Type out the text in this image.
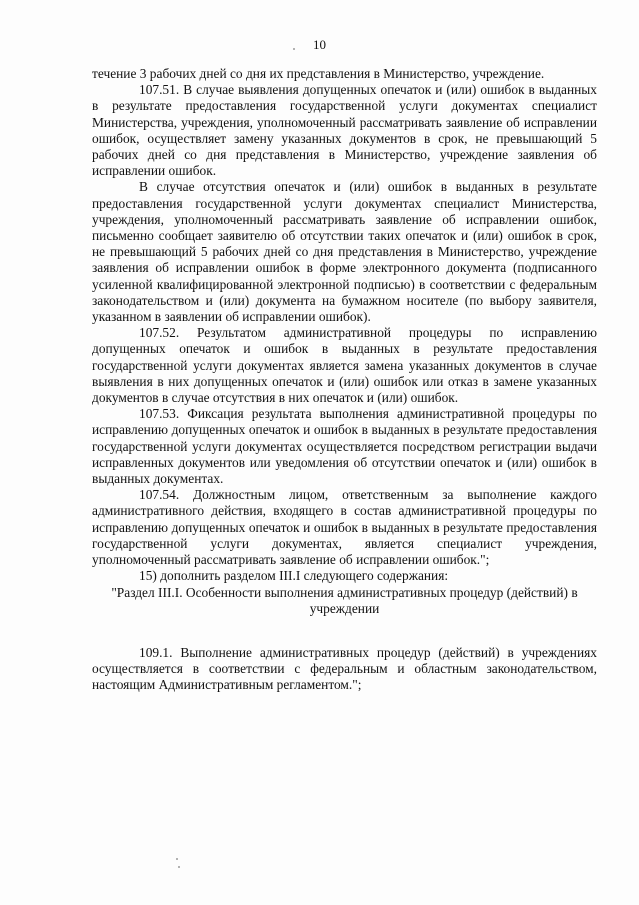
10

течение 3 рабочих дней со дня их представления в Министерство, учреждение.

107.51. В случае выявления допущенных опечаток и (или) ошибок в выданных в результате предоставления государственной услуги документах специалист Министерства, учреждения, уполномоченный рассматривать заявление об исправлении ошибок, осуществляет замену указанных документов в срок, не превышающий 5 рабочих дней со дня представления в Министерство, учреждение заявления об исправлении ошибок.

В случае отсутствия опечаток и (или) ошибок в выданных в результате предоставления государственной услуги документах специалист Министерства, учреждения, уполномоченный рассматривать заявление об исправлении ошибок, письменно сообщает заявителю об отсутствии таких опечаток и (или) ошибок в срок, не превышающий 5 рабочих дней со дня представления в Министерство, учреждение заявления об исправлении ошибок в форме электронного документа (подписанного усиленной квалифицированной электронной подписью) в соответствии с федеральным законодательством и (или) документа на бумажном носителе (по выбору заявителя, указанном в заявлении об исправлении ошибок).

107.52. Результатом административной процедуры по исправлению допущенных опечаток и ошибок в выданных в результате предоставления государственной услуги документах является замена указанных документов в случае выявления в них допущенных опечаток и (или) ошибок или отказ в замене указанных документов в случае отсутствия в них опечаток и (или) ошибок.

107.53. Фиксация результата выполнения административной процедуры по исправлению допущенных опечаток и ошибок в выданных в результате предоставления государственной услуги документах осуществляется посредством регистрации выдачи исправленных документов или уведомления об отсутствии опечаток и (или) ошибок в выданных документах.

107.54. Должностным лицом, ответственным за выполнение каждого административного действия, входящего в состав административной процедуры по исправлению допущенных опечаток и ошибок в выданных в результате предоставления государственной услуги документах, является специалист учреждения, уполномоченный рассматривать заявление об исправлении ошибок.";

15) дополнить разделом III.I следующего содержания:

"Раздел III.I. Особенности выполнения административных процедур (действий) в учреждении

109.1. Выполнение административных процедур (действий) в учреждениях осуществляется в соответствии с федеральным и областным законодательством, настоящим Административным регламентом.";
